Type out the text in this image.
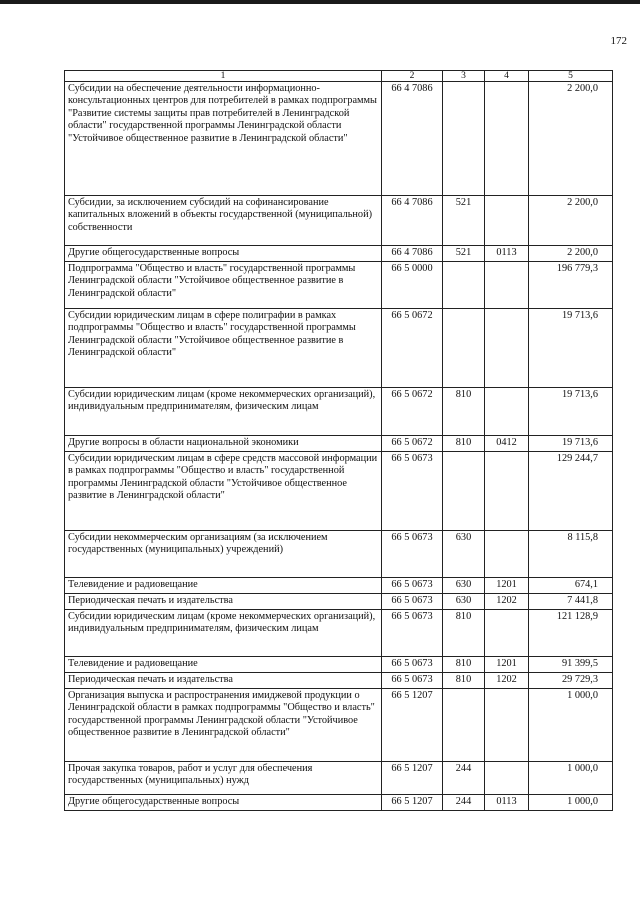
172
1	2	3	4	5
Субсидии на обеспечение деятельности информационно-консультационных центров для потребителей в рамках подпрограммы "Развитие системы защиты прав потребителей в Ленинградской области" государственной программы Ленинградской области "Устойчивое общественное развитие в Ленинградской области"	66 4 7086			2 200,0
Субсидии, за исключением субсидий на софинансирование капитальных вложений в объекты государственной (муниципальной) собственности	66 4 7086	521		2 200,0
Другие общегосударственные вопросы	66 4 7086	521	0113	2 200,0
Подпрограмма "Общество и власть" государственной программы Ленинградской области "Устойчивое общественное развитие в Ленинградской области"	66 5 0000			196 779,3
Субсидии юридическим лицам в сфере полиграфии в рамках подпрограммы "Общество и власть" государственной программы Ленинградской области "Устойчивое общественное развитие в Ленинградской области"	66 5 0672			19 713,6
Субсидии юридическим лицам (кроме некоммерческих организаций), индивидуальным предпринимателям, физическим лицам	66 5 0672	810		19 713,6
Другие вопросы в области национальной экономики	66 5 0672	810	0412	19 713,6
Субсидии юридическим лицам в сфере средств массовой информации в рамках подпрограммы "Общество и власть" государственной программы Ленинградской области "Устойчивое общественное развитие в Ленинградской области"	66 5 0673			129 244,7
Субсидии некоммерческим организациям (за исключением государственных (муниципальных) учреждений)	66 5 0673	630		8 115,8
Телевидение и радиовещание	66 5 0673	630	1201	674,1
Периодическая печать и издательства	66 5 0673	630	1202	7 441,8
Субсидии юридическим лицам (кроме некоммерческих организаций), индивидуальным предпринимателям, физическим лицам	66 5 0673	810		121 128,9
Телевидение и радиовещание	66 5 0673	810	1201	91 399,5
Периодическая печать и издательства	66 5 0673	810	1202	29 729,3
Организация выпуска и распространения имиджевой продукции о Ленинградской области в рамках подпрограммы "Общество и власть" государственной программы Ленинградской области "Устойчивое общественное развитие в Ленинградской области"	66 5 1207			1 000,0
Прочая закупка товаров, работ и услуг для обеспечения государственных (муниципальных) нужд	66 5 1207	244		1 000,0
Другие общегосударственные вопросы	66 5 1207	244	0113	1 000,0
